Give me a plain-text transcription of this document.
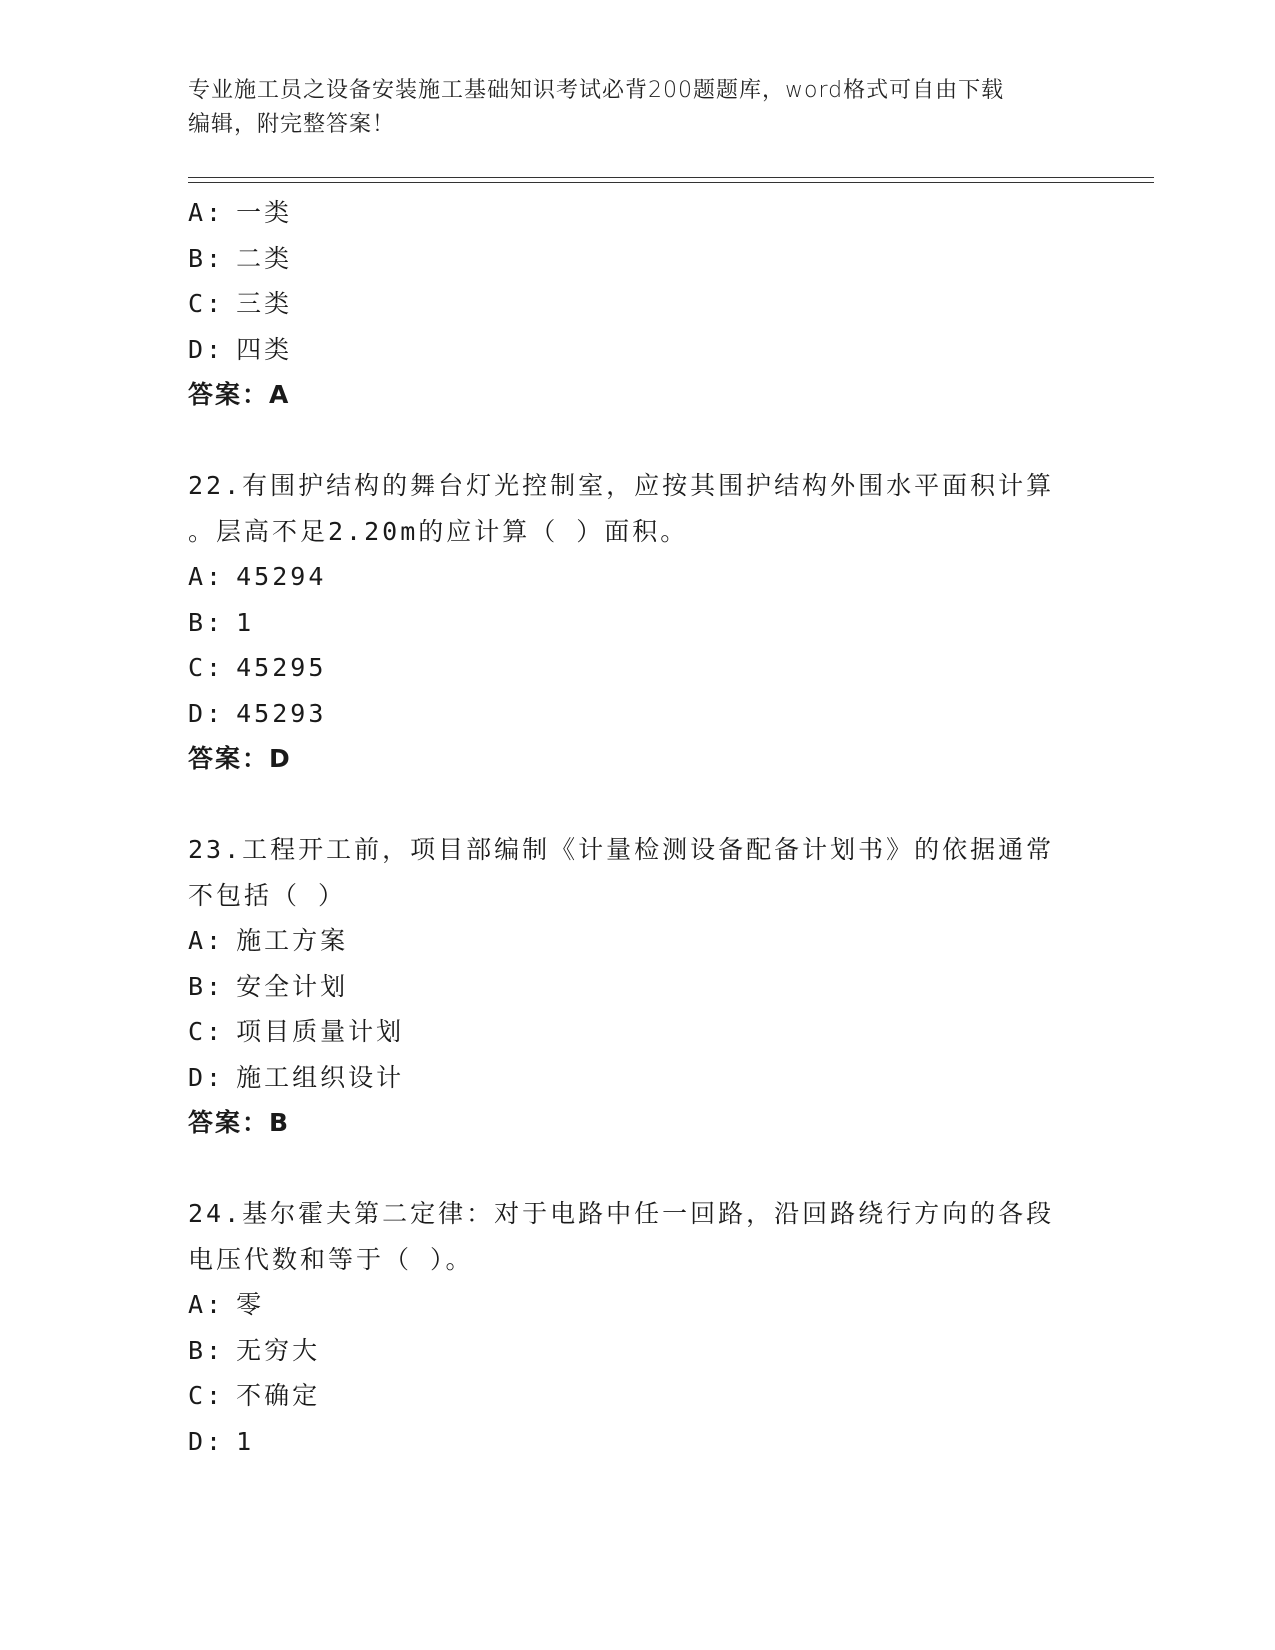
专业施工员之设备安装施工基础知识考试必背200题题库，word格式可自由下载
编辑，附完整答案！
A: 一类
B: 二类
C: 三类
D: 四类
答案：A
22.有围护结构的舞台灯光控制室，应按其围护结构外围水平面积计算
。层高不足2.20m的应计算（ ）面积。
A: 45294
B: 1
C: 45295
D: 45293
答案：D
23.工程开工前，项目部编制《计量检测设备配备计划书》的依据通常
不包括（ ）
A: 施工方案
B: 安全计划
C: 项目质量计划
D: 施工组织设计
答案：B
24.基尔霍夫第二定律：对于电路中任一回路，沿回路绕行方向的各段
电压代数和等于（ ）。
A: 零
B: 无穷大
C: 不确定
D: 1
